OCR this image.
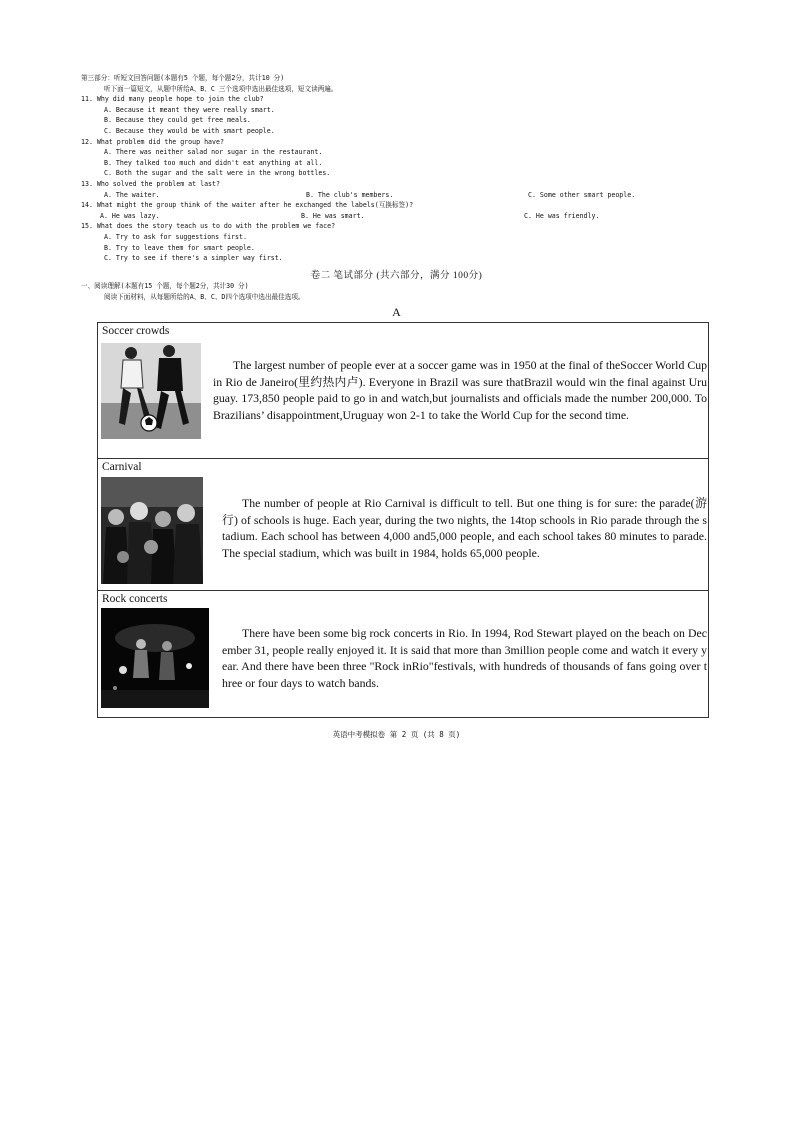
第三部分：听短文回答问题(本题有5 个题，每个题2分，共计10 分)
听下面一篇短文，从题中所给A、B、C 三个选项中选出最佳选项，短文读两遍。
11. Why did many people hope to join the club?
A. Because it meant they were really smart.
B. Because they could get free meals.
C. Because they would be with smart people.
12. What problem did the group have?
A. There was neither salad nor sugar in the restaurant.
B. They talked too much and didn't eat anything at all.
C. Both the sugar and the salt were in the wrong bottles.
13. Who solved the problem at last?
A. The waiter.	B. The club's members.	C. Some other smart people.
14. What might the group think of the waiter after he exchanged the labels(互换标签)?
A. He was lazy.	B. He was smart.	C. He was friendly.
15. What does the story teach us to do with the problem we face?
A. Try to ask for suggestions first.
B. Try to leave them for smart people.
C. Try to see if there's a simpler way first.
卷二 笔试部分 (共六部分，满分 100分)
一、阅读理解(本题有15 个题，每个题2分，共计30 分)
阅读下面材料，从每题所给的A、B、C、D四个选项中选出最佳选项。
A
Soccer crowds
The largest number of people ever at a soccer game was in 1950 at the final of theSoccer World Cup in Rio de Janeiro(里约热内卢). Everyone in Brazil was sure thatBrazil would win the final against Uruguay. 173,850 people paid to go in and watch,but journalists and officials made the number 200,000. To Brazilians’ disappointment,Uruguay won 2-1 to take the World Cup for the second time.
Carnival
The number of people at Rio Carnival is difficult to tell. But one thing is for sure: the parade(游行) of schools is huge. Each year, during the two nights, the 14top schools in Rio parade through the stadium. Each school has between 4,000 and5,000 people, and each school takes 80 minutes to parade. The special stadium, which was built in 1984, holds 65,000 people.
Rock concerts
There have been some big rock concerts in Rio. In 1994, Rod Stewart played on the beach on December 31, people really enjoyed it. It is said that more than 3million people come and watch it every year. And there have been three "Rock inRio"festivals, with hundreds of thousands of fans going over three or four days to watch bands.
英语中考模拟卷 第 2 页 (共 8 页)
